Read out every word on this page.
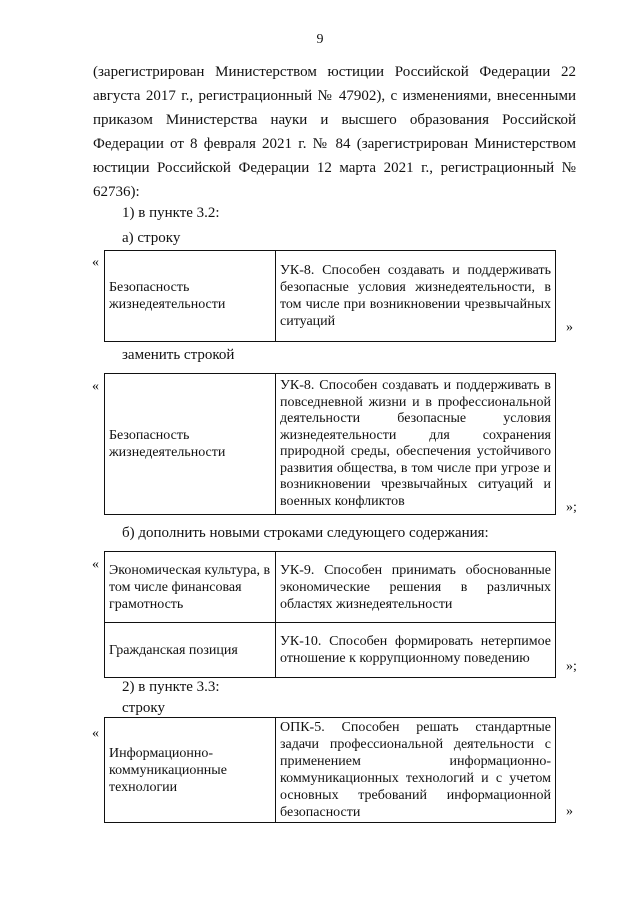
9

(зарегистрирован Министерством юстиции Российской Федерации 22 августа 2017 г., регистрационный № 47902), с изменениями, внесенными приказом Министерства науки и высшего образования Российской Федерации от 8 февраля 2021 г. № 84 (зарегистрирован Министерством юстиции Российской Федерации 12 марта 2021 г., регистрационный № 62736):

1) в пункте 3.2:
а) строку
«
Безопасность жизнедеятельности	УК-8. Способен создавать и поддерживать безопасные условия жизнедеятельности, в том числе при возникновении чрезвычайных ситуаций	»
заменить строкой
«
Безопасность жизнедеятельности	УК-8. Способен создавать и поддерживать в повседневной жизни и в профессиональной деятельности безопасные условия жизнедеятельности для сохранения природной среды, обеспечения устойчивого развития общества, в том числе при угрозе и возникновении чрезвычайных ситуаций и военных конфликтов	»;
б) дополнить новыми строками следующего содержания:
« Экономическая культура, в том числе финансовая грамотность	УК-9. Способен принимать обоснованные экономические решения в различных областях жизнедеятельности
Гражданская позиция	УК-10. Способен формировать нетерпимое отношение к коррупционному поведению
»;
2) в пункте 3.3:
строку
«
Информационно-коммуникационные технологии	ОПК-5. Способен решать стандартные задачи профессиональной деятельности с применением информационно-коммуникационных технологий и с учетом основных требований информационной безопасности	»
